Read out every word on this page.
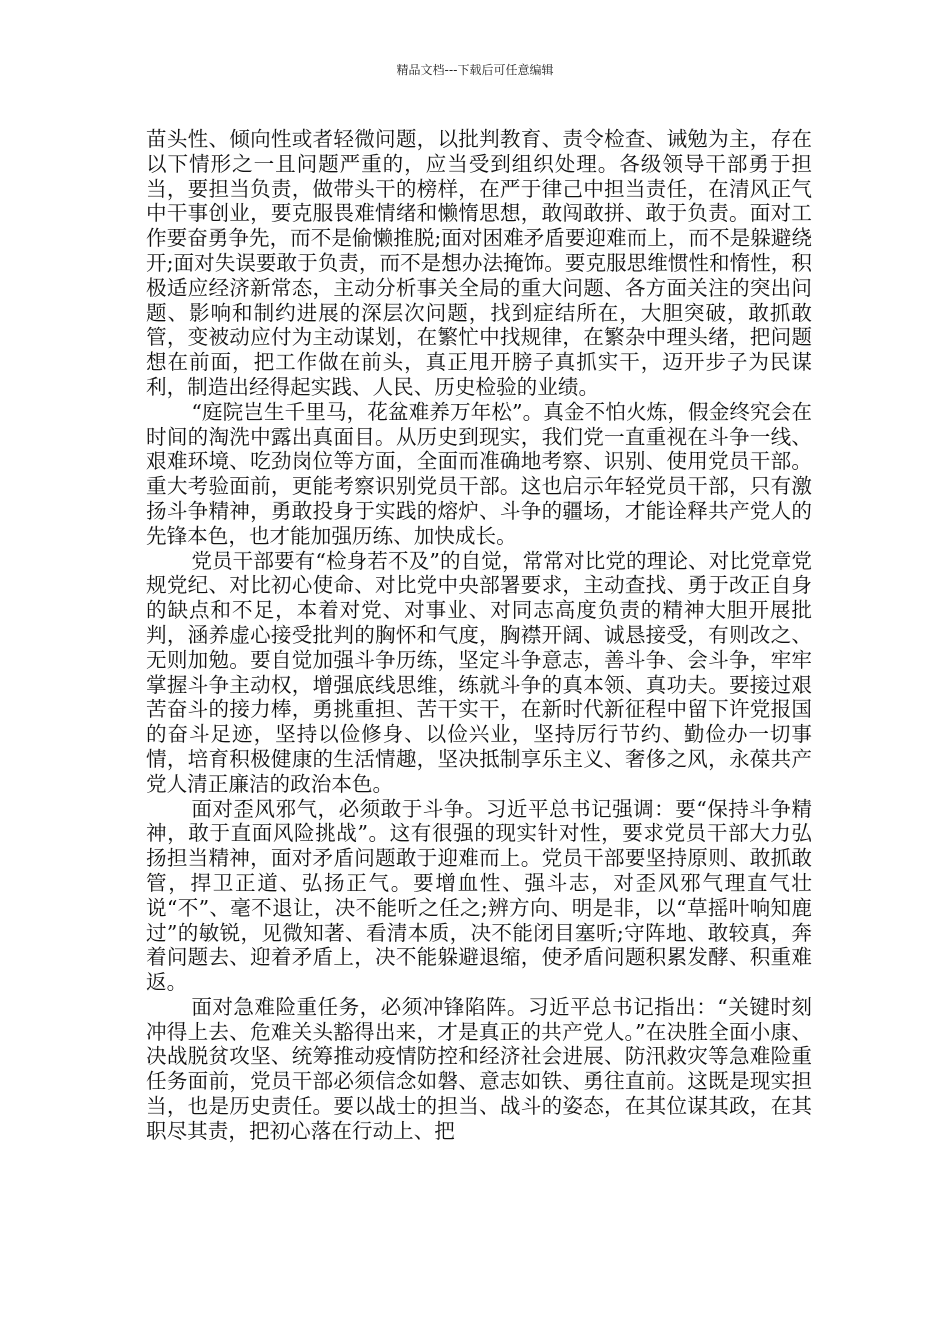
精品文档---下载后可任意编辑

苗头性、倾向性或者轻微问题，以批判教育、责令检查、诫勉为主，存在以下情形之一且问题严重的，应当受到组织处理。各级领导干部勇于担当，要担当负责，做带头干的榜样，在严于律己中担当责任，在清风正气中干事创业，要克服畏难情绪和懒惰思想，敢闯敢拼、敢于负责。面对工作要奋勇争先，而不是偷懒推脱;面对困难矛盾要迎难而上，而不是躲避绕开;面对失误要敢于负责，而不是想办法掩饰。要克服思维惯性和惰性，积极适应经济新常态，主动分析事关全局的重大问题、各方面关注的突出问题、影响和制约进展的深层次问题，找到症结所在，大胆突破，敢抓敢管，变被动应付为主动谋划，在繁忙中找规律，在繁杂中理头绪，把问题想在前面，把工作做在前头，真正甩开膀子真抓实干，迈开步子为民谋利，制造出经得起实践、人民、历史检验的业绩。

“庭院岂生千里马，花盆难养万年松”。真金不怕火炼，假金终究会在时间的淘洗中露出真面目。从历史到现实，我们党一直重视在斗争一线、艰难环境、吃劲岗位等方面，全面而准确地考察、识别、使用党员干部。重大考验面前，更能考察识别党员干部。这也启示年轻党员干部，只有激扬斗争精神，勇敢投身于实践的熔炉、斗争的疆场，才能诠释共产党人的先锋本色，也才能加强历练、加快成长。

党员干部要有“检身若不及”的自觉，常常对比党的理论、对比党章党规党纪、对比初心使命、对比党中央部署要求，主动查找、勇于改正自身的缺点和不足，本着对党、对事业、对同志高度负责的精神大胆开展批判，涵养虚心接受批判的胸怀和气度，胸襟开阔、诚恳接受，有则改之、无则加勉。要自觉加强斗争历练，坚定斗争意志，善斗争、会斗争，牢牢掌握斗争主动权，增强底线思维，练就斗争的真本领、真功夫。要接过艰苦奋斗的接力棒，勇挑重担、苦干实干，在新时代新征程中留下许党报国的奋斗足迹，坚持以俭修身、以俭兴业，坚持厉行节约、勤俭办一切事情，培育积极健康的生活情趣，坚决抵制享乐主义、奢侈之风，永葆共产党人清正廉洁的政治本色。

面对歪风邪气，必须敢于斗争。习近平总书记强调：要“保持斗争精神，敢于直面风险挑战”。这有很强的现实针对性，要求党员干部大力弘扬担当精神，面对矛盾问题敢于迎难而上。党员干部要坚持原则、敢抓敢管，捍卫正道、弘扬正气。要增血性、强斗志，对歪风邪气理直气壮说“不”、毫不退让，决不能听之任之;辨方向、明是非，以“草摇叶响知鹿过”的敏锐，见微知著、看清本质，决不能闭目塞听;守阵地、敢较真，奔着问题去、迎着矛盾上，决不能躲避退缩，使矛盾问题积累发酵、积重难返。

面对急难险重任务，必须冲锋陷阵。习近平总书记指出：“关键时刻冲得上去、危难关头豁得出来，才是真正的共产党人。”在决胜全面小康、决战脱贫攻坚、统筹推动疫情防控和经济社会进展、防汛救灾等急难险重任务面前，党员干部必须信念如磐、意志如铁、勇往直前。这既是现实担当，也是历史责任。要以战士的担当、战斗的姿态，在其位谋其政，在其职尽其责，把初心落在行动上、把
